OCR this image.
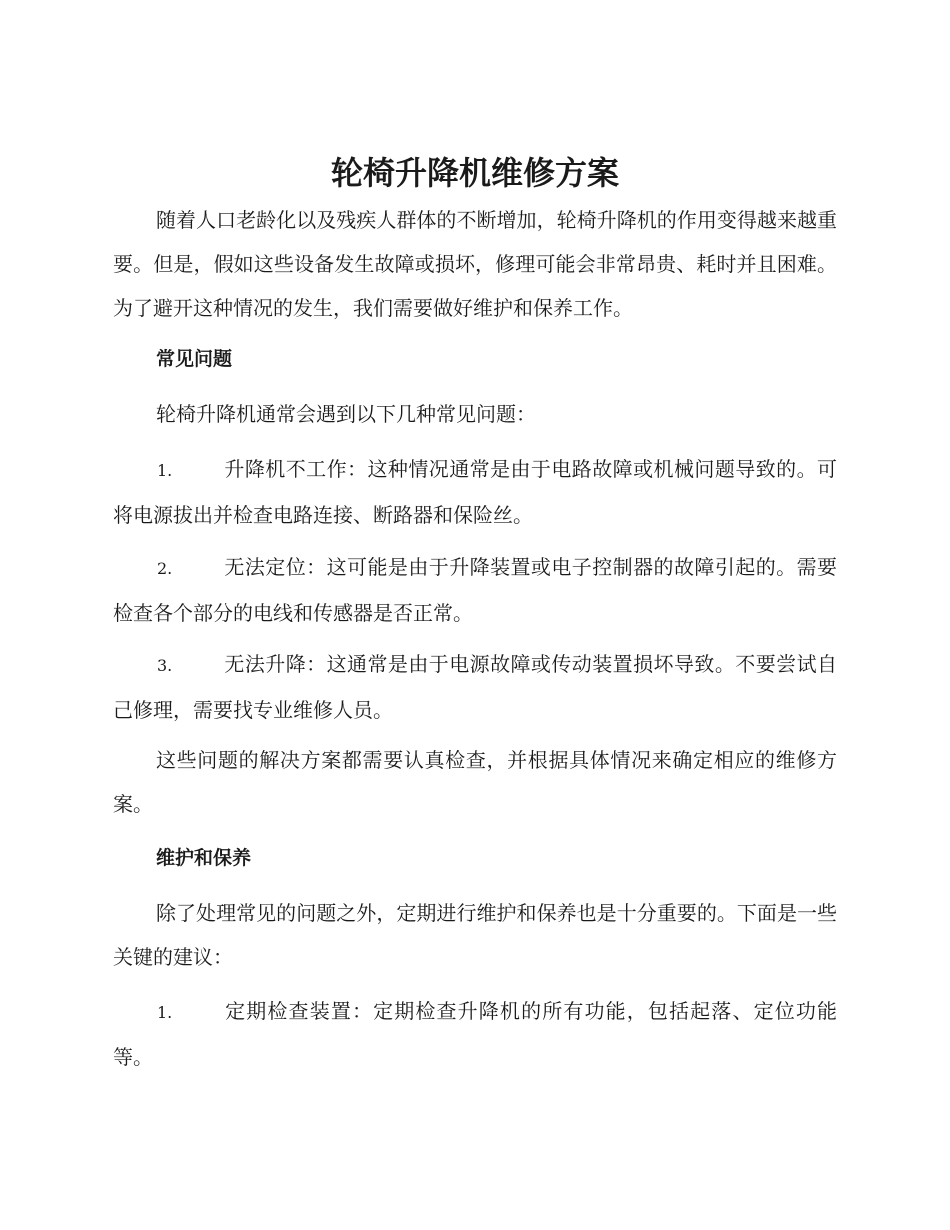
轮椅升降机维修方案

随着人口老龄化以及残疾人群体的不断增加，轮椅升降机的作用变得越来越重要。但是，假如这些设备发生故障或损坏，修理可能会非常昂贵、耗时并且困难。为了避开这种情况的发生，我们需要做好维护和保养工作。

常见问题

轮椅升降机通常会遇到以下几种常见问题：

1.	升降机不工作：这种情况通常是由于电路故障或机械问题导致的。可将电源拔出并检查电路连接、断路器和保险丝。

2.	无法定位：这可能是由于升降装置或电子控制器的故障引起的。需要检查各个部分的电线和传感器是否正常。

3.	无法升降：这通常是由于电源故障或传动装置损坏导致。不要尝试自己修理，需要找专业维修人员。

这些问题的解决方案都需要认真检查，并根据具体情况来确定相应的维修方案。

维护和保养

除了处理常见的问题之外，定期进行维护和保养也是十分重要的。下面是一些关键的建议：

1.	定期检查装置：定期检查升降机的所有功能，包括起落、定位功能等。
